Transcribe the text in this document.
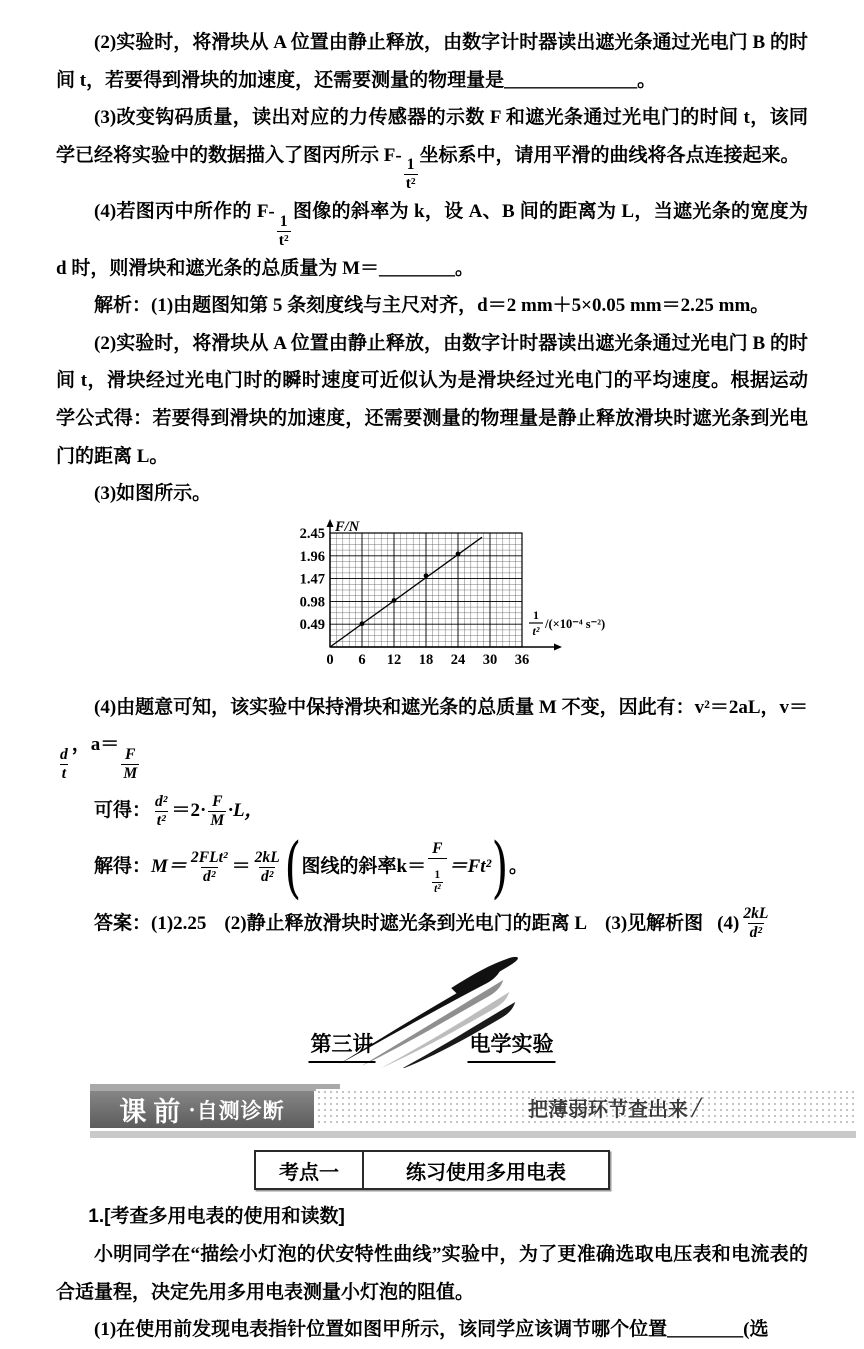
(2)实验时，将滑块从 A 位置由静止释放，由数字计时器读出遮光条通过光电门 B 的时间 t，若要得到滑块的加速度，还需要测量的物理量是______________。

(3)改变钩码质量，读出对应的力传感器的示数 F 和遮光条通过光电门的时间 t，该同学已经将实验中的数据描入了图丙所示 F-
$\frac{1}{\text{t²}}$
坐标系中，请用平滑的曲线将各点连接起来。

(4)若图丙中所作的 F-
$\frac{1}{\text{t²}}$
图像的斜率为 k，设 A、B 间的距离为 L，当遮光条的宽度为 d 时，则滑块和遮光条的总质量为 M＝________。

解析：(1)由题图知第 5 条刻度线与主尺对齐，d＝2 mm＋5×0.05 mm＝2.25 mm。

(2)实验时，将滑块从 A 位置由静止释放，由数字计时器读出遮光条通过光电门 B 的时间 t，滑块经过光电门时的瞬时速度可近似认为是滑块经过光电门的平均速度。根据运动学公式得：若要得到滑块的加速度，还需要测量的物理量是静止释放滑块时遮光条到光电门的距离 L。

(3)如图所示。

0 6 12 18 24 30 36
0.49
0.98
1.47
1.96
2.45 F/N
1
t² /(×10⁻⁴ s⁻²)

(4)由题意可知，该实验中保持滑块和遮光条的总质量 M 不变，因此有：v²＝2aL，v＝
$\frac{d}{t}$
，a＝
$\frac{F}{M}$

可得： $\frac{\text{d²}}{\text{t²}} =2\cdot \frac{F}{M} \cdot L$，
解得： $M= \frac{\text{2FLt²}}{\text{d²}} = \frac{2kL}{\text{d²}}$ ( 图线的斜率$k= \frac{F}{\frac{1}{\text{t²}}} =Ft^2$ ) 。
答案： (1)2.25 (2)静止释放滑块时遮光条到光电门的距离 L (3)见解析图 $(4) \frac{2kL}{\text{d²}}$
第三讲	电学实验
课前 · 自测诊断	把薄弱环节查出来 /
考点一	练习使用多用电表

1.[考查多用电表的使用和读数]

小明同学在“描绘小灯泡的伏安特性曲线”实验中，为了更准确选取电压表和电流表的合适量程，决定先用多用电表测量小灯泡的阻值。

(1)在使用前发现电表指针位置如图甲所示，该同学应该调节哪个位置________(选
